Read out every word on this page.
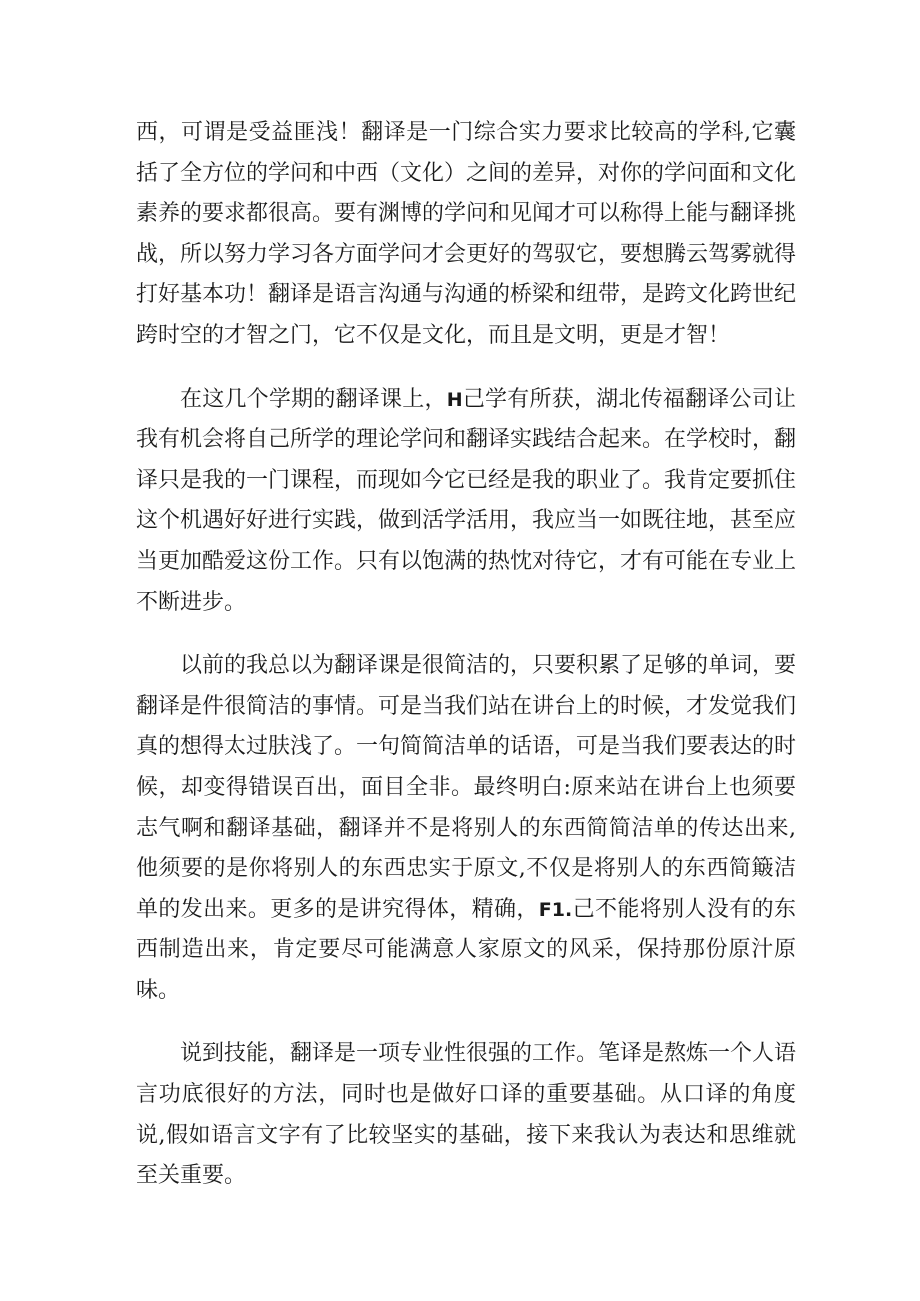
西，可谓是受益匪浅！翻译是一门综合实力要求比较高的学科,它囊括了全方位的学问和中西（文化）之间的差异，对你的学问面和文化素养的要求都很高。要有渊博的学问和见闻才可以称得上能与翻译挑战，所以努力学习各方面学问才会更好的驾驭它，要想腾云驾雾就得打好基本功！翻译是语言沟通与沟通的桥梁和纽带，是跨文化跨世纪跨时空的才智之门，它不仅是文化，而且是文明，更是才智！

在这几个学期的翻译课上，H己学有所获，湖北传福翻译公司让我有机会将自己所学的理论学问和翻译实践结合起来。在学校时，翻译只是我的一门课程，而现如今它已经是我的职业了。我肯定要抓住这个机遇好好进行实践，做到活学活用，我应当一如既往地，甚至应当更加酷爱这份工作。只有以饱满的热忱对待它，才有可能在专业上不断进步。

以前的我总以为翻译课是很简洁的，只要积累了足够的单词，要翻译是件很简洁的事情。可是当我们站在讲台上的时候，才发觉我们真的想得太过肤浅了。一句简简洁单的话语，可是当我们要表达的时候，却变得错误百出，面目全非。最终明白:原来站在讲台上也须要志气啊和翻译基础，翻译并不是将别人的东西简简洁单的传达出来,他须要的是你将别人的东西忠实于原文,不仅是将别人的东西简簸洁单的发出来。更多的是讲究得体，精确，F1.己不能将别人没有的东西制造出来，肯定要尽可能满意人家原文的风采，保持那份原汁原味。

说到技能，翻译是一项专业性很强的工作。笔译是熬炼一个人语言功底很好的方法，同时也是做好口译的重要基础。从口译的角度说,假如语言文字有了比较坚实的基础，接下来我认为表达和思维就至关重要。
